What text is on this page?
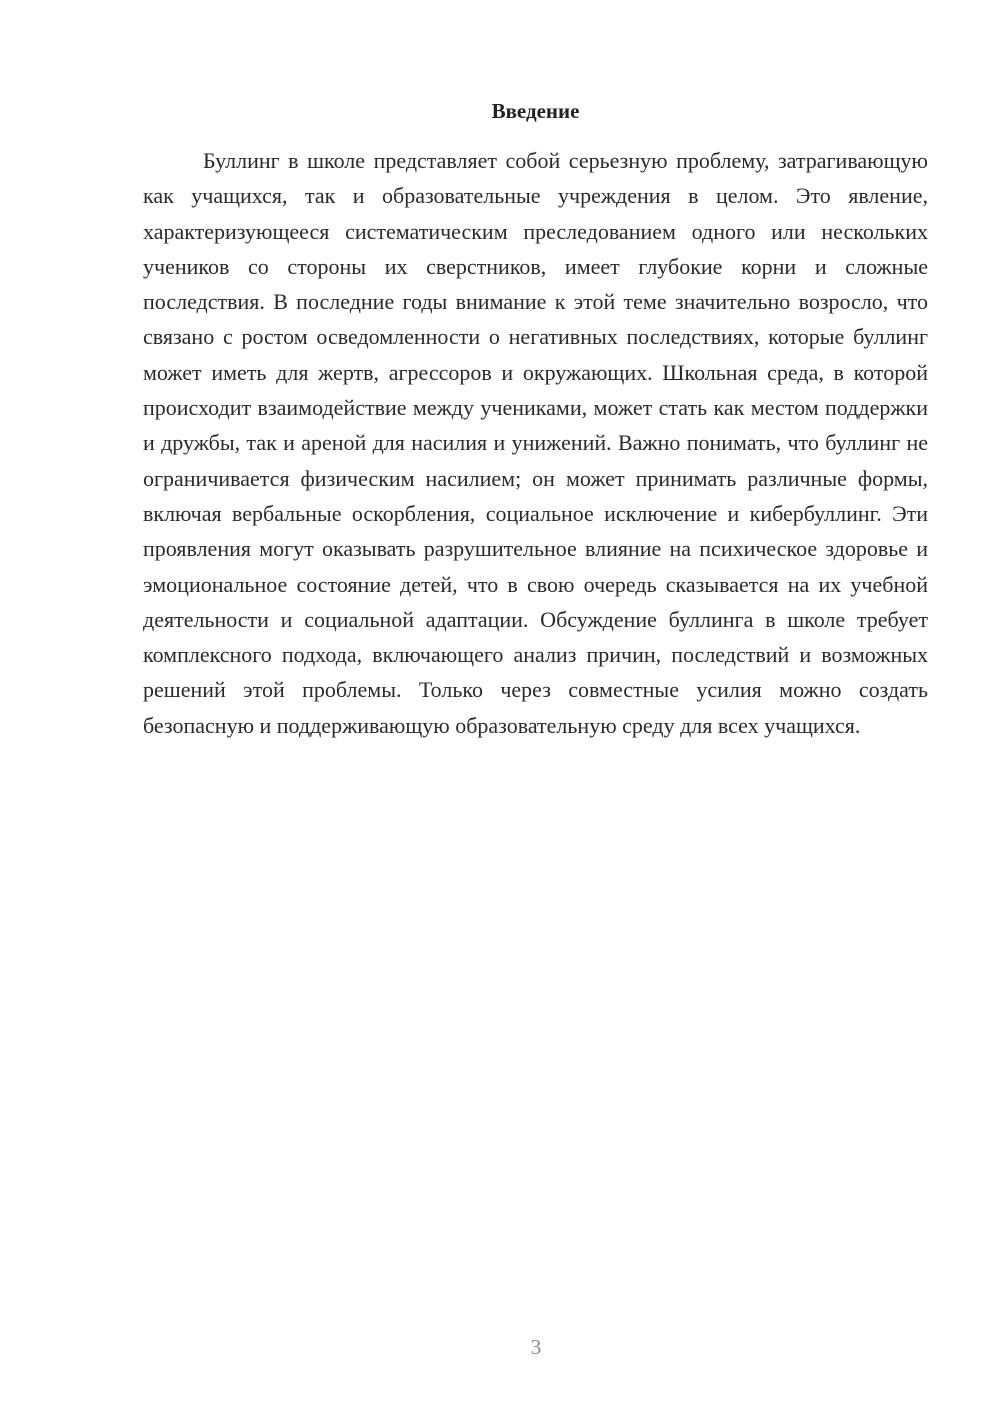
Введение

Буллинг в школе представляет собой серьезную проблему, затрагивающую как учащихся, так и образовательные учреждения в целом. Это явление, характеризующееся систематическим преследованием одного или нескольких учеников со стороны их сверстников, имеет глубокие корни и сложные последствия. В последние годы внимание к этой теме значительно возросло, что связано с ростом осведомленности о негативных последствиях, которые буллинг может иметь для жертв, агрессоров и окружающих. Школьная среда, в которой происходит взаимодействие между учениками, может стать как местом поддержки и дружбы, так и ареной для насилия и унижений. Важно понимать, что буллинг не ограничивается физическим насилием; он может принимать различные формы, включая вербальные оскорбления, социальное исключение и кибербуллинг. Эти проявления могут оказывать разрушительное влияние на психическое здоровье и эмоциональное состояние детей, что в свою очередь сказывается на их учебной деятельности и социальной адаптации. Обсуждение буллинга в школе требует комплексного подхода, включающего анализ причин, последствий и возможных решений этой проблемы. Только через совместные усилия можно создать безопасную и поддерживающую образовательную среду для всех учащихся.

3
